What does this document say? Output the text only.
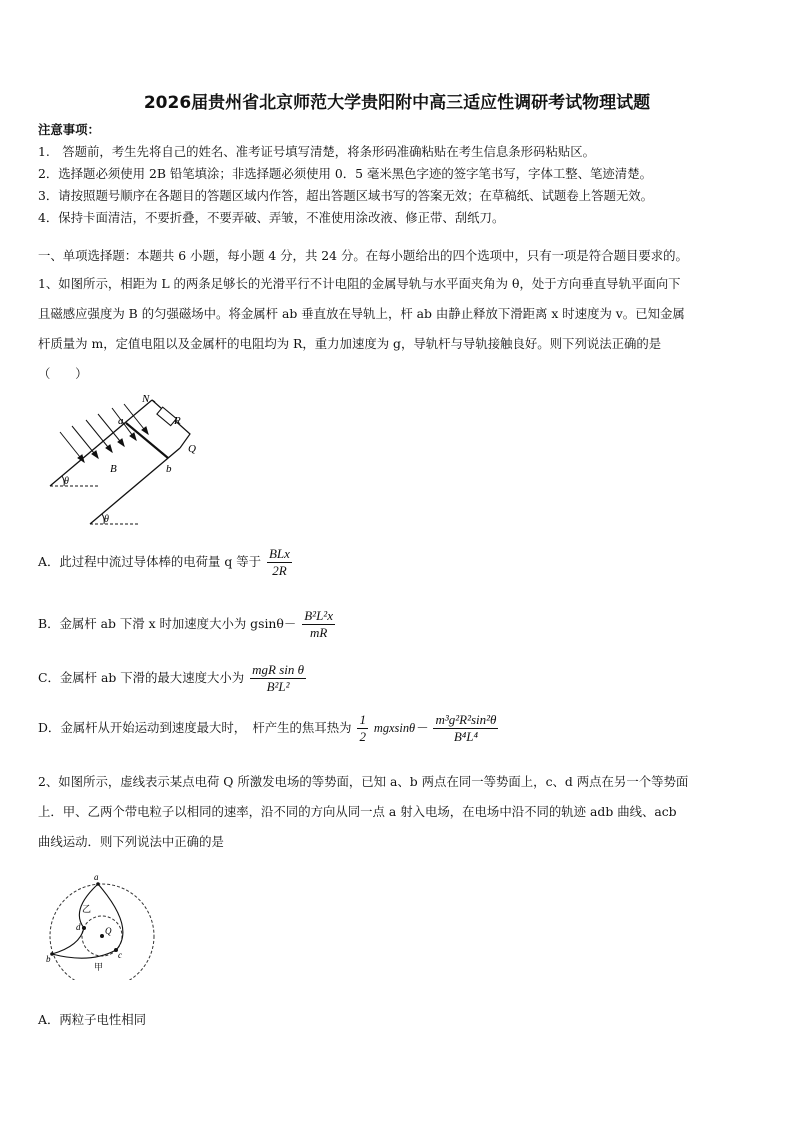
2026届贵州省北京师范大学贵阳附中高三适应性调研考试物理试题
注意事项：
1.　答题前，考生先将自己的姓名、准考证号填写清楚，将条形码准确粘贴在考生信息条形码粘贴区。
2．选择题必须使用 2B 铅笔填涂；非选择题必须使用 0．5 毫米黑色字迹的签字笔书写，字体工整、笔迹清楚。
3．请按照题号顺序在各题目的答题区域内作答，超出答题区域书写的答案无效；在草稿纸、试题卷上答题无效。
4．保持卡面清洁，不要折叠，不要弄破、弄皱，不准使用涂改液、修正带、刮纸刀。
一、单项选择题：本题共 6 小题，每小题 4 分，共 24 分。在每小题给出的四个选项中，只有一项是符合题目要求的。
1、如图所示，相距为 L 的两条足够长的光滑平行不计电阻的金属导轨与水平面夹角为 θ，处于方向垂直导轨平面向下
且磁感应强度为 B 的匀强磁场中。将金属杆 ab 垂直放在导轨上，杆 ab 由静止释放下滑距离 x 时速度为 v。已知金属
杆质量为 m，定值电阻以及金属杆的电阻均为 R，重力加速度为 g，导轨杆与导轨接触良好。则下列说法正确的是
（　　）
N
a	R
Q
B	b
θ
θ
A．此过程中流过导体棒的电荷量 q 等于 $\frac{\text{BLx}}{2R}$
B．金属杆 ab 下滑 x 时加速度大小为 $gsin\theta- \frac{\text{B²L²x}}{mR}$
C．金属杆 ab 下滑的最大速度大小为 $\frac{\text{mgR sin θ}}{\text{B²L²}}$
D．金属杆从开始运动到速度最大时，　杆产生的焦耳热为 $\frac{1}{2} mgxsin\theta- \frac{\text{m³g²R²sin²θ}}{\text{B⁴L⁴}}$
2、如图所示，虚线表示某点电荷 Q 所激发电场的等势面，已知 a、b 两点在同一等势面上，c、d 两点在另一个等势面
上．甲、乙两个带电粒子以相同的速率，沿不同的方向从同一点 a 射入电场，在电场中沿不同的轨迹 adb 曲线、acb
曲线运动．则下列说法中正确的是
a
乙
d	Q
b	c
甲
A．两粒子电性相同
